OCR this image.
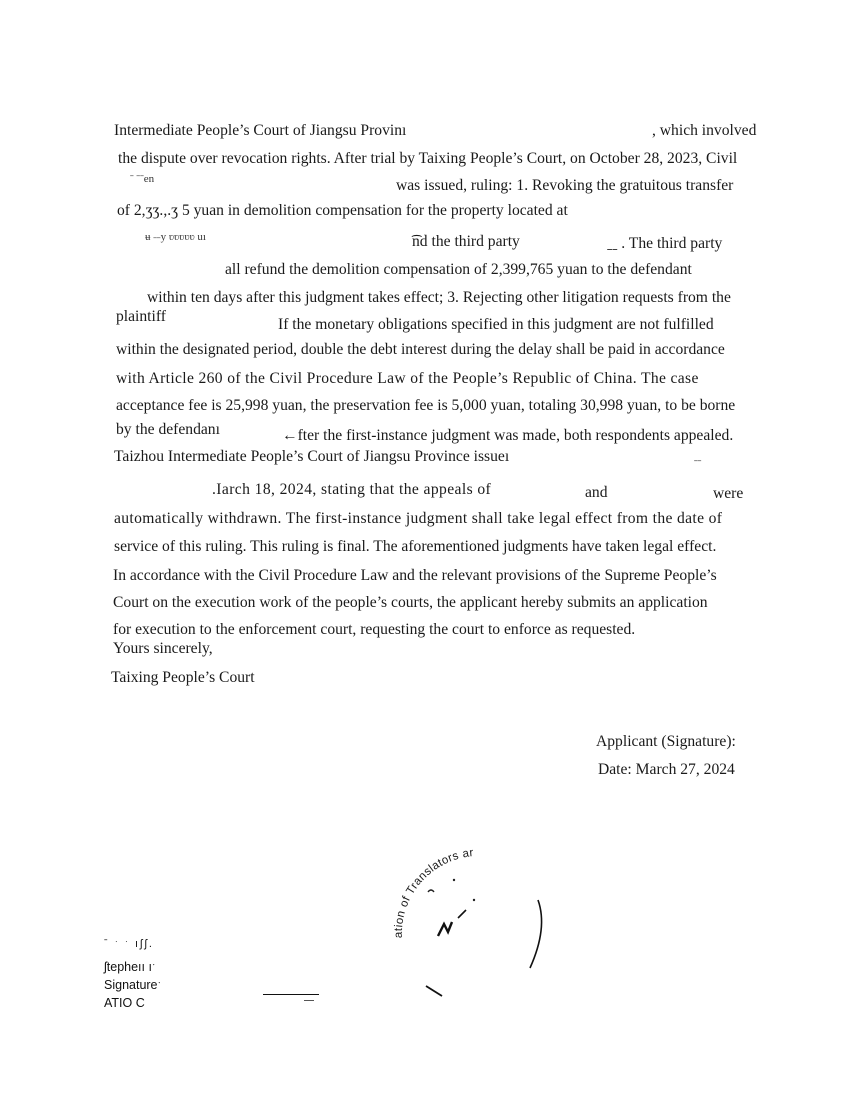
Intermediate People’s Court of Jiangsu Provinı	, which involved
the dispute over revocation rights. After trial by Taixing People’s Court, on October 28, 2023, Civil
ˉ ˉˉen	was issued, ruling: 1. Revoking the gratuitous transfer
of 2,ʒʒ.,.ʒ 5 yuan in demolition compensation for the property located at
ʉ ˗˗y ʋʋʋʋʋ uı	͡nd the third party	ˍˍ . The third party
all refund the demolition compensation of 2,399,765 yuan to the defendant
within ten days after this judgment takes effect; 3. Rejecting other litigation requests from the
plaintiff	If the monetary obligations specified in this judgment are not fulfilled
within the designated period, double the debt interest during the delay shall be paid in accordance
with Article 260 of the Civil Procedure Law of the People’s Republic of China. The case
acceptance fee is 25,998 yuan, the preservation fee is 5,000 yuan, totaling 30,998 yuan, to be borne
by the defendanı	←fter the first-instance judgment was made, both respondents appealed.
Taizhou Intermediate People’s Court of Jiangsu Province issueı	˗˗
.Iarch 18, 2024, stating that the appeals of	and	were
automatically withdrawn. The first-instance judgment shall take legal effect from the date of
service of this ruling. This ruling is final. The aforementioned judgments have taken legal effect.
In accordance with the Civil Procedure Law and the relevant provisions of the Supreme People’s
Court on the execution work of the people’s courts, the applicant hereby submits an application
for execution to the enforcement court, requesting the court to enforce as requested.
Yours sincerely,
Taixing People’s Court
Applicant (Signature):
Date: March 27, 2024
ation of Translators ar
ˉ ˑ ˑ ıʃʃ.
ʃtepheıı ıˑ
Signatureˑ
ATIO C
